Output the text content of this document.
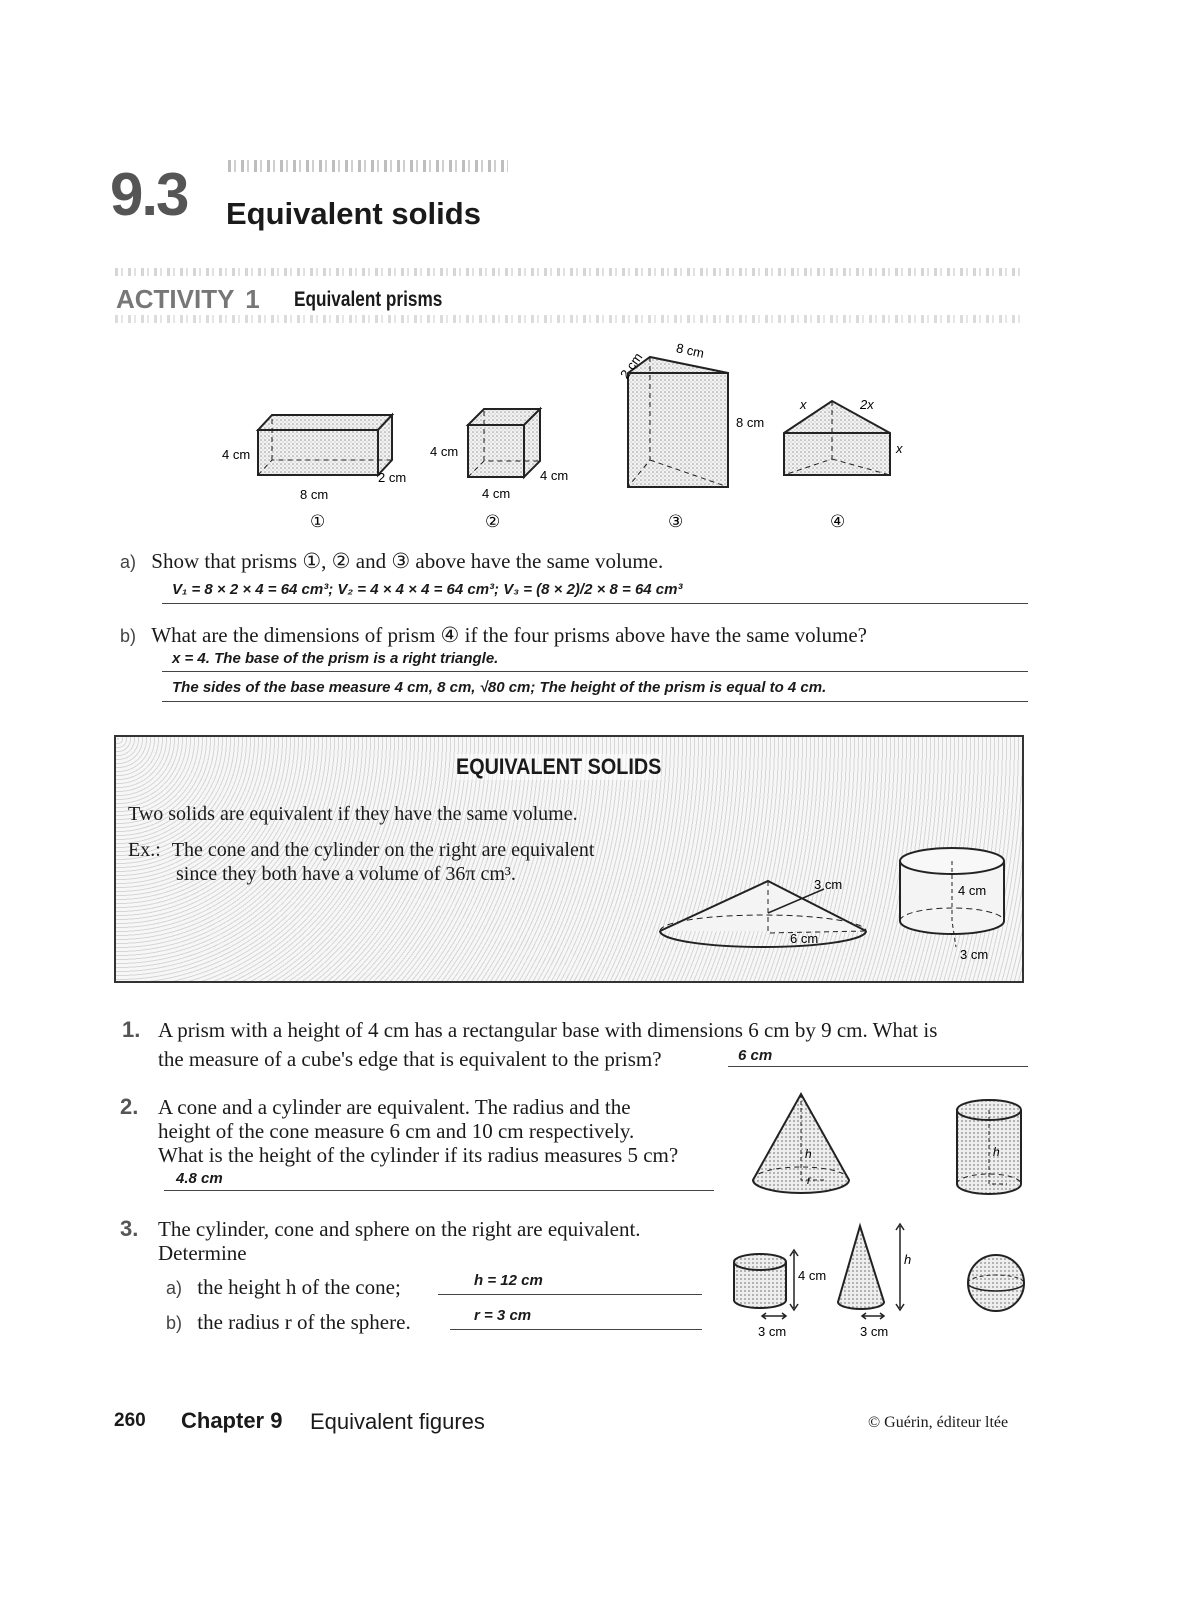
9.3 Equivalent solids
ACTIVITY 1 Equivalent prisms
4 cm
8 cm
2 cm
①
4 cm
4 cm
4 cm
②
2 cm 8 cm
8 cm
③
x	2x
x
④
a) Show that prisms ①, ② and ③ above have the same volume.
V₁ = 8 × 2 × 4 = 64 cm³; V₂ = 4 × 4 × 4 = 64 cm³; V₃ = (8 × 2)/2 × 8 = 64 cm³
b) What are the dimensions of prism ④ if the four prisms above have the same volume?
x = 4. The base of the prism is a right triangle.
The sides of the base measure 4 cm, 8 cm, √80 cm; The height of the prism is equal to 4 cm.
EQUIVALENT SOLIDS
Two solids are equivalent if they have the same volume.
Ex.: The cone and the cylinder on the right are equivalent
since they both have a volume of 36π cm³.	3 cm
6 cm
4 cm
3 cm
1. A prism with a height of 4 cm has a rectangular base with dimensions 6 cm by 9 cm. What is
the measure of a cube's edge that is equivalent to the prism?	6 cm
2. A cone and a cylinder are equivalent. The radius and the
height of the cone measure 6 cm and 10 cm respectively.
What is the height of the cylinder if its radius measures 5 cm?
4.8 cm
h
r
h
3. The cylinder, cone and sphere on the right are equivalent.
Determine
a) the height h of the cone;	h = 12 cm
b) the radius r of the sphere.	r = 3 cm
4 cm
3 cm
h
3 cm
260 Chapter 9 Equivalent figures	© Guérin, éditeur ltée
